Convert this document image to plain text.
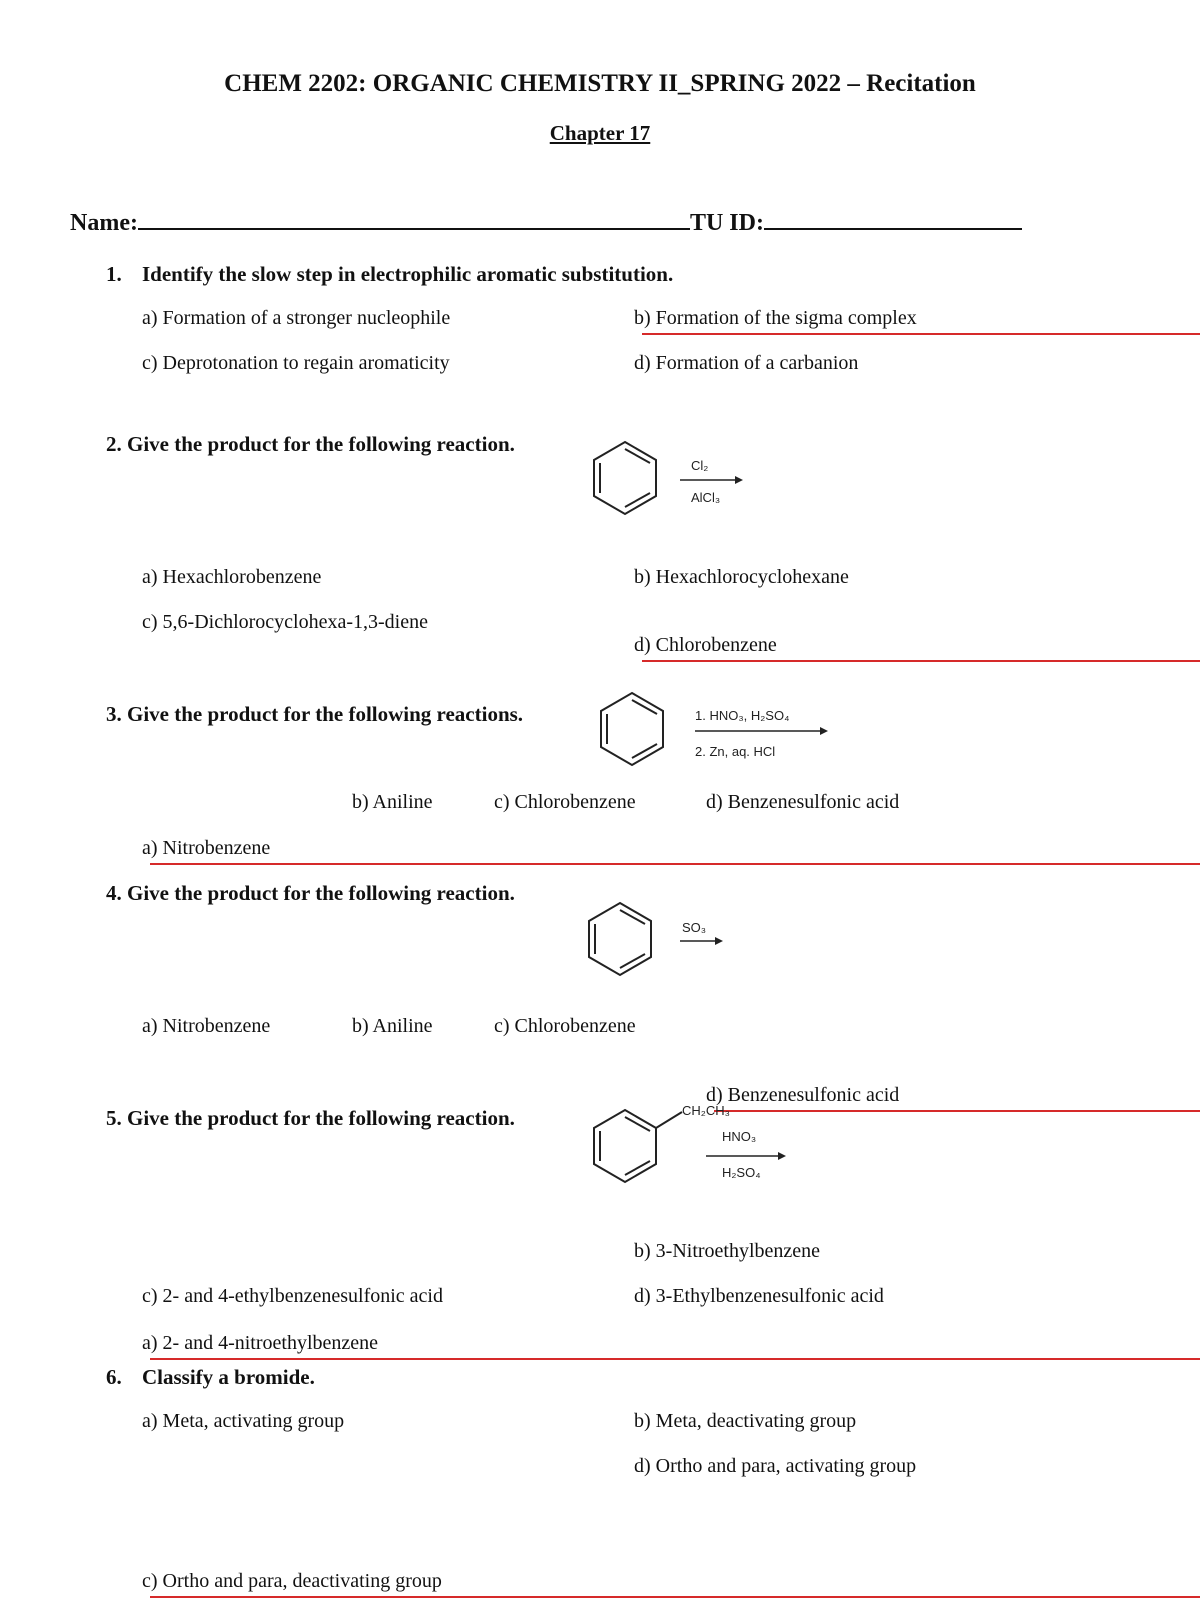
CHEM 2202: ORGANIC CHEMISTRY II_SPRING 2022 – Recitation
Chapter 17
Name:	TU ID:
1. Identify the slow step in electrophilic aromatic substitution.
a) Formation of a stronger nucleophile	b) Formation of the sigma complex
c) Deprotonation to regain aromaticity	d) Formation of a carbanion
2. Give the product for the following reaction.
Cl₂
AlCl₃
a) Hexachlorobenzene	b) Hexachlorocyclohexane
c) 5,6-Dichlorocyclohexa-1,3-diene
d) Chlorobenzene
3. Give the product for the following reactions.	1. HNO₃, H₂SO₄
2. Zn, aq. HCl
a) Nitrobenzene
b) Aniline	c) Chlorobenzene	d) Benzenesulfonic acid
4. Give the product for the following reaction.
SO₃
a) Nitrobenzene	b) Aniline	c) Chlorobenzene
d) Benzenesulfonic acid
5. Give the product for the following reaction.	CH₂CH₃
HNO₃
H₂SO₄
a) 2- and 4-nitroethylbenzene
b) 3-Nitroethylbenzene
c) 2- and 4-ethylbenzenesulfonic acid	d) 3-Ethylbenzenesulfonic acid
6. Classify a bromide.
a) Meta, activating group	b) Meta, deactivating group
c) Ortho and para, deactivating group
d) Ortho and para, activating group
